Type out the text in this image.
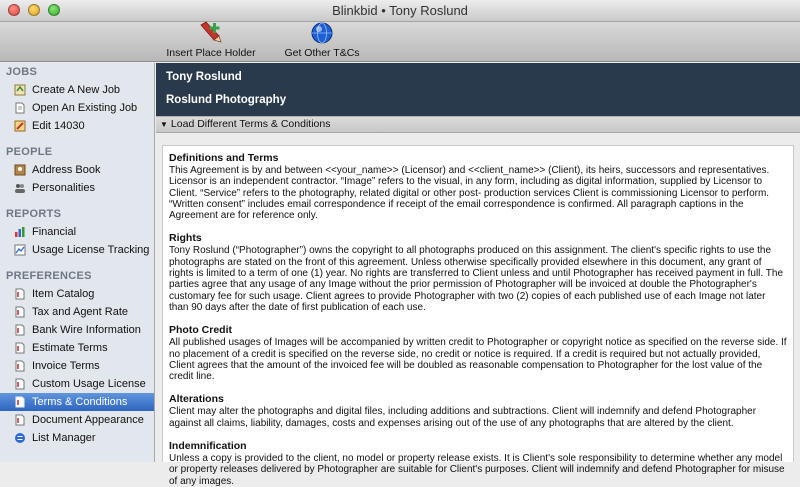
Blinkbid • Tony Roslund
Insert Place Holder	Get Other T&Cs
JOBS
Create A New Job
Open An Existing Job
Edit 14030
PEOPLE
Address Book
Personalities
REPORTS
Financial
Usage License Tracking
PREFERENCES
Item Catalog
Tax and Agent Rate
Bank Wire Information
Estimate Terms
Invoice Terms
Custom Usage License
Terms & Conditions
Document Appearance
List Manager
Tony Roslund
Roslund Photography
▼ Load Different Terms & Conditions
Definitions and Terms
This Agreement is by and between <<your_name>> (Licensor) and <<client_name>> (Client), its heirs, successors and representatives. Licensor is an independent contractor. “Image” refers to the visual, in any form, including as digital information, supplied by Licensor to Client. “Service” refers to the photography, related digital or other post- production services Client is commissioning Licensor to perform. “Written consent” includes email correspondence if receipt of the email correspondence is confirmed. All paragraph captions in the Agreement are for reference only.
Rights
Tony Roslund (“Photographer”) owns the copyright to all photographs produced on this assignment. The client's specific rights to use the photographs are stated on the front of this agreement. Unless otherwise specifically provided elsewhere in this document, any grant of rights is limited to a term of one (1) year. No rights are transferred to Client unless and until Photographer has received payment in full. The parties agree that any usage of any Image without the prior permission of Photographer will be invoiced at double the Photographer's customary fee for such usage. Client agrees to provide Photographer with two (2) copies of each published use of each Image not later than 90 days after the date of first publication of each use.
Photo Credit
All published usages of Images will be accompanied by written credit to Photographer or copyright notice as specified on the reverse side. If no placement of a credit is specified on the reverse side, no credit or notice is required. If a credit is required but not actually provided, Client agrees that the amount of the invoiced fee will be doubled as reasonable compensation to Photographer for the lost value of the credit line.
Alterations
Client may alter the photographs and digital files, including additions and subtractions. Client will indemnify and defend Photographer against all claims, liability, damages, costs and expenses arising out of the use of any photographs that are altered by the client.
Indemnification
Unless a copy is provided to the client, no model or property release exists. It is Client's sole responsibility to determine whether any model or property releases delivered by Photographer are suitable for Client's purposes. Client will indemnify and defend Photographer for misuse of any images.
